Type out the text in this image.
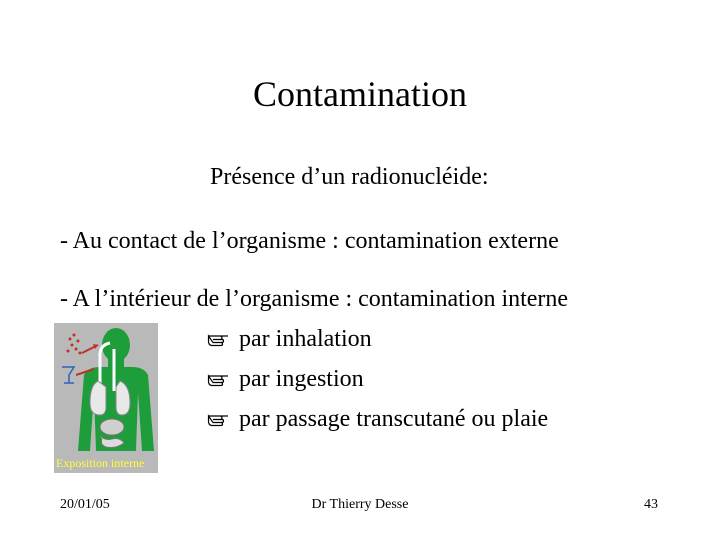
Contamination
Présence d’un radionucléide:
- Au contact de l’organisme : contamination externe
- A l’intérieur de l’organisme : contamination interne
par inhalation
par ingestion
par passage transcutané ou plaie
Exposition interne
20/01/05	Dr Thierry Desse	43
